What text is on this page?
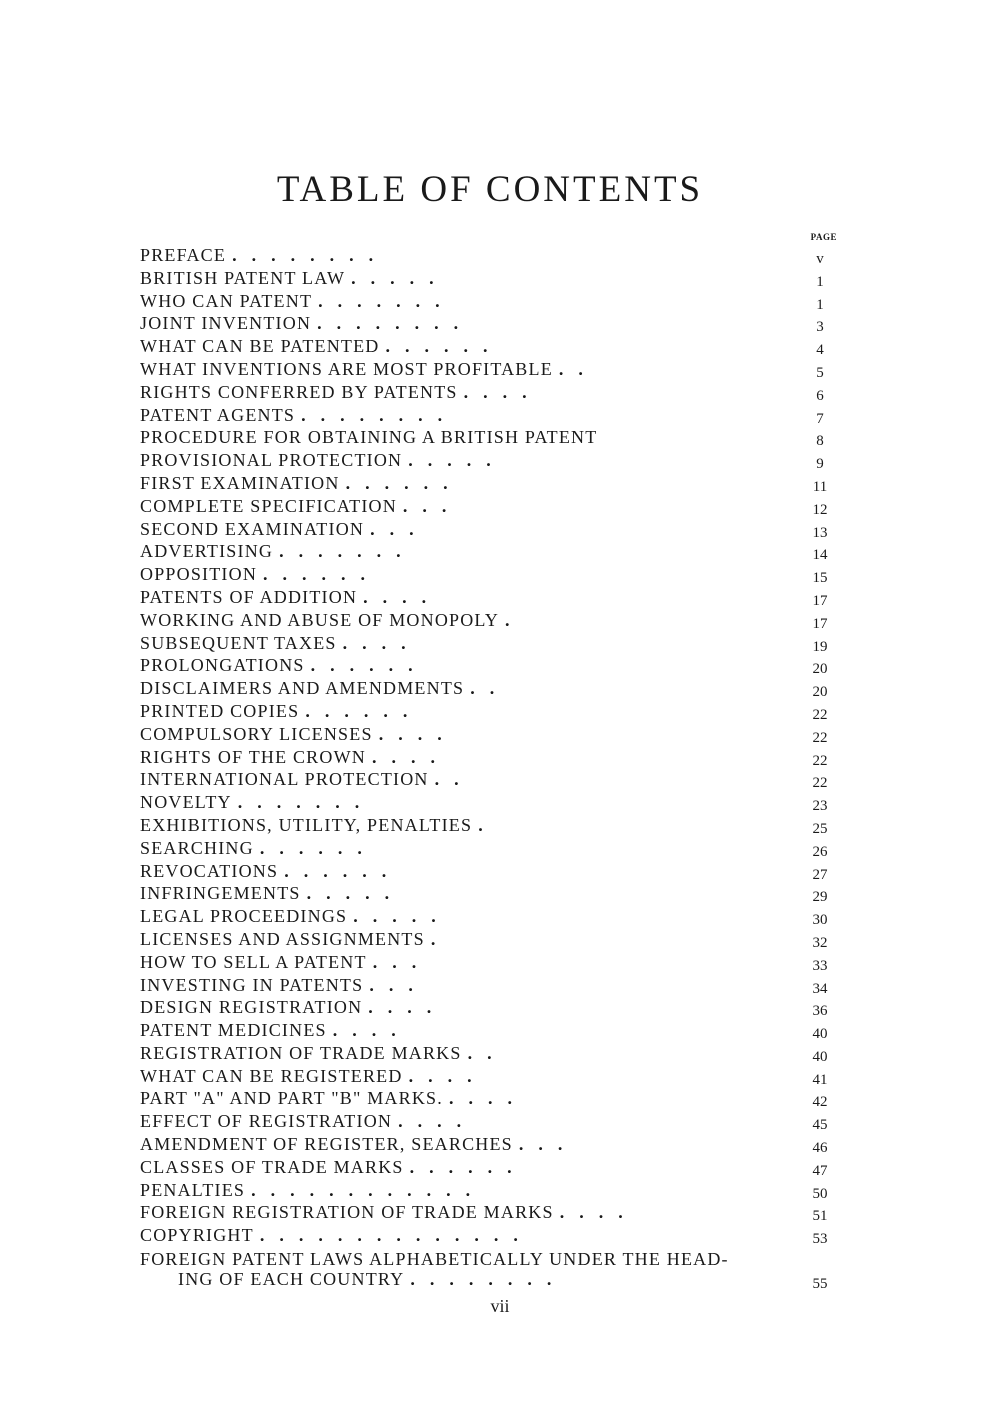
TABLE OF CONTENTS
PAGE
PREFACE ........	v
BRITISH PATENT LAW .....	1
WHO CAN PATENT .......	1
JOINT INVENTION ........	3
WHAT CAN BE PATENTED ......	4
WHAT INVENTIONS ARE MOST PROFITABLE ..	5
RIGHTS CONFERRED BY PATENTS ....	6
PATENT AGENTS ........	7
PROCEDURE FOR OBTAINING A BRITISH PATENT	8
PROVISIONAL PROTECTION .....	9
FIRST EXAMINATION ......	11
COMPLETE SPECIFICATION ...	12
SECOND EXAMINATION ...	13
ADVERTISING .......	14
OPPOSITION ......	15
PATENTS OF ADDITION ....	17
WORKING AND ABUSE OF MONOPOLY .	17
SUBSEQUENT TAXES ....	19
PROLONGATIONS ......	20
DISCLAIMERS AND AMENDMENTS ..	20
PRINTED COPIES ......	22
COMPULSORY LICENSES ....	22
RIGHTS OF THE CROWN ....	22
INTERNATIONAL PROTECTION ..	22
NOVELTY .......	23
EXHIBITIONS, UTILITY, PENALTIES .	25
SEARCHING ......	26
REVOCATIONS ......	27
INFRINGEMENTS .....	29
LEGAL PROCEEDINGS .....	30
LICENSES AND ASSIGNMENTS .	32
HOW TO SELL A PATENT ...	33
INVESTING IN PATENTS ...	34
DESIGN REGISTRATION ....	36
PATENT MEDICINES ....	40
REGISTRATION OF TRADE MARKS ..	40
WHAT CAN BE REGISTERED ....	41
PART "A" AND PART "B" MARKS. ....	42
EFFECT OF REGISTRATION ....	45
AMENDMENT OF REGISTER, SEARCHES ...	46
CLASSES OF TRADE MARKS ......	47
PENALTIES ............	50
FOREIGN REGISTRATION OF TRADE MARKS ....	51
COPYRIGHT ..............	53
FOREIGN PATENT LAWS ALPHABETICALLY UNDER THE HEAD-
ING OF EACH COUNTRY ........	55
vii
